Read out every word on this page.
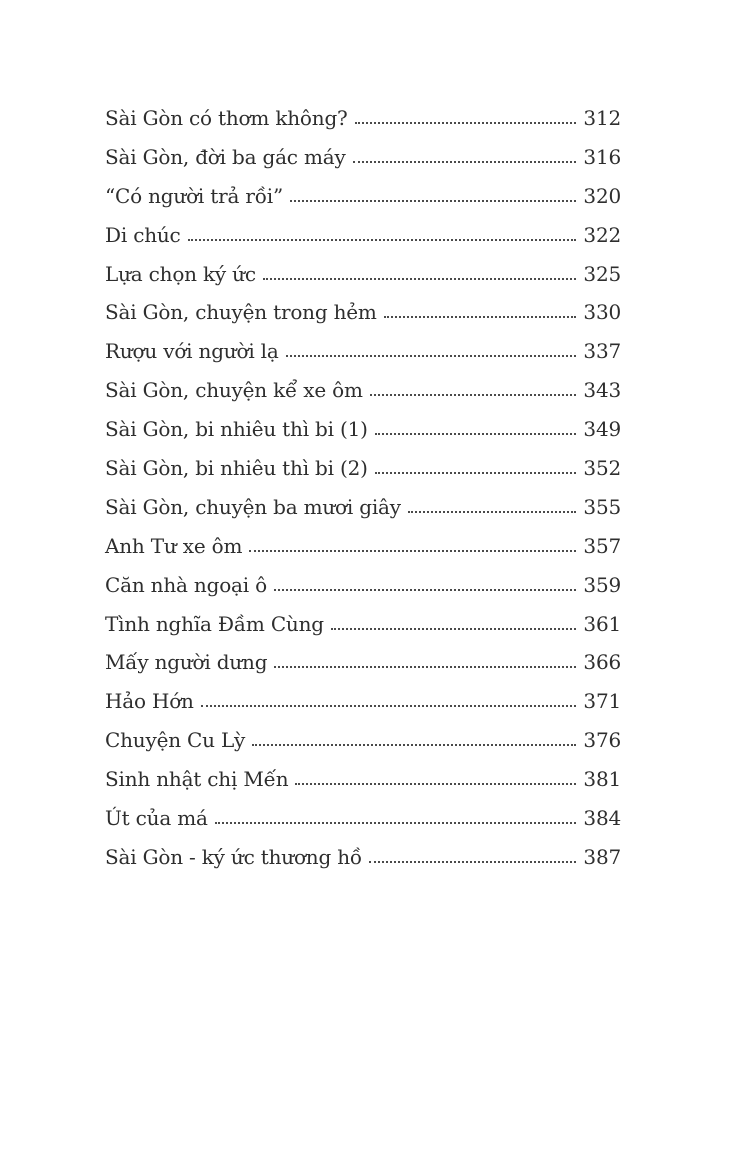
Sài Gòn có thơm không?	312
Sài Gòn, đời ba gác máy	316
“Có người trả rồi”	320
Di chúc	322
Lựa chọn ký ức	325
Sài Gòn, chuyện trong hẻm	330
Rượu với người lạ	337
Sài Gòn, chuyện kể xe ôm	343
Sài Gòn, bi nhiêu thì bi (1)	349
Sài Gòn, bi nhiêu thì bi (2)	352
Sài Gòn, chuyện ba mươi giây	355
Anh Tư xe ôm	357
Căn nhà ngoại ô	359
Tình nghĩa Đầm Cùng	361
Mấy người dưng	366
Hảo Hớn	371
Chuyện Cu Lỳ	376
Sinh nhật chị Mến	381
Út của má	384
Sài Gòn - ký ức thương hồ	387
